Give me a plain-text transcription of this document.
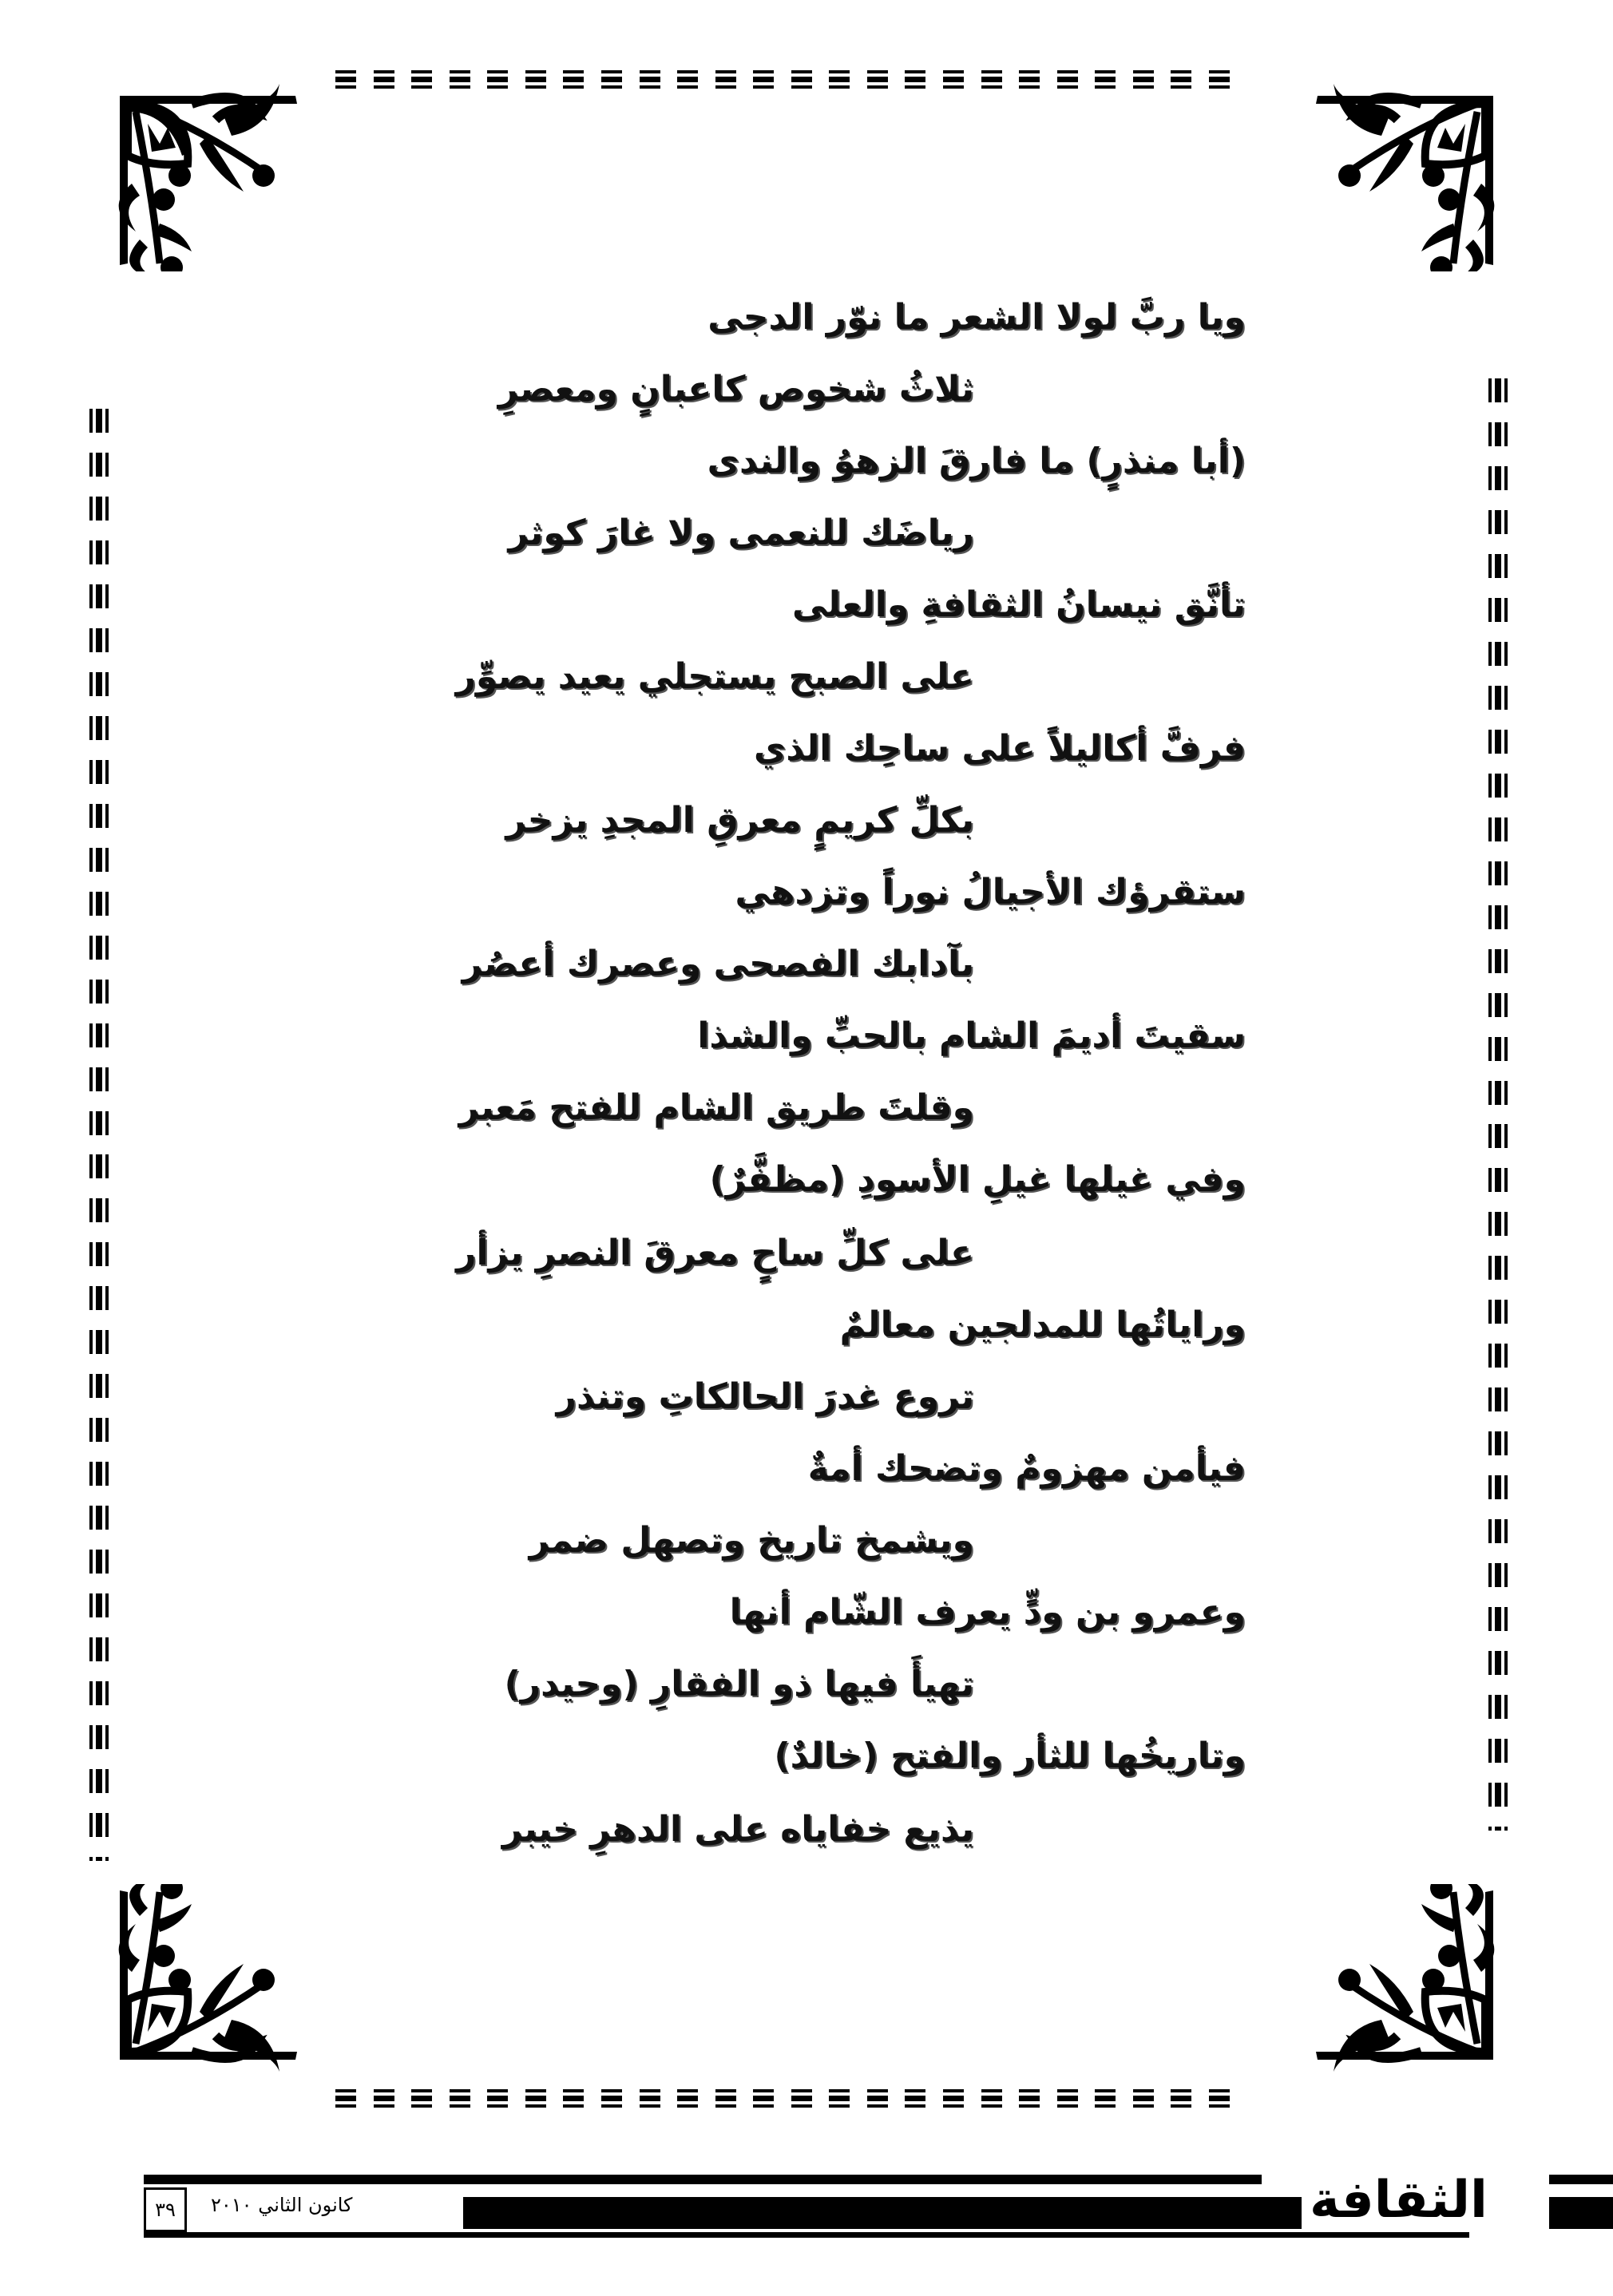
ويا ربَّ لولا الشعر ما نوّر الدجى
ثلاثُ شخوص كاعبانٍ ومعصرِ
(أبا منذرٍ) ما فارقَ الزهوُ والندى
رياضَك للنعمى ولا غارَ كوثر
تأنَّق نيسانُ الثقافةِ والعلى
على الصبح يستجلي يعيد يصوِّر
فرفَّ أكاليلاً على ساحِك الذي
بكلِّ كريمٍ معرقِ المجدِ يزخر
ستقرؤك الأجيالُ نوراً وتزدهي
بآدابك الفصحى وعصرك أعصُر
سقيتَ أديمَ الشام بالحبِّ والشذا
وقلتَ طريق الشام للفتح مَعبر
وفي غيلها غيلِ الأسودِ (مظفَّرٌ)
على كلِّ ساحٍ معرقَ النصرِ يزأر
ورایاتُها للمدلجين معالمٌ
تروع غدرَ الحالكاتِ وتنذر
فيأمن مهزومٌ وتضحك أمةٌ
ويشمخ تاريخ وتصهل ضمر
وعمرو بن ودٍّ يعرف الشّام أنها
تهيأَ فيها ذو الفقارِ (وحيدر)
وتاريخُها للثأر والفتح (خالدٌ)
يذيع خفاياه على الدهرِ خيبر
٣٩	كانون الثاني ٢٠١٠	الثقافة
